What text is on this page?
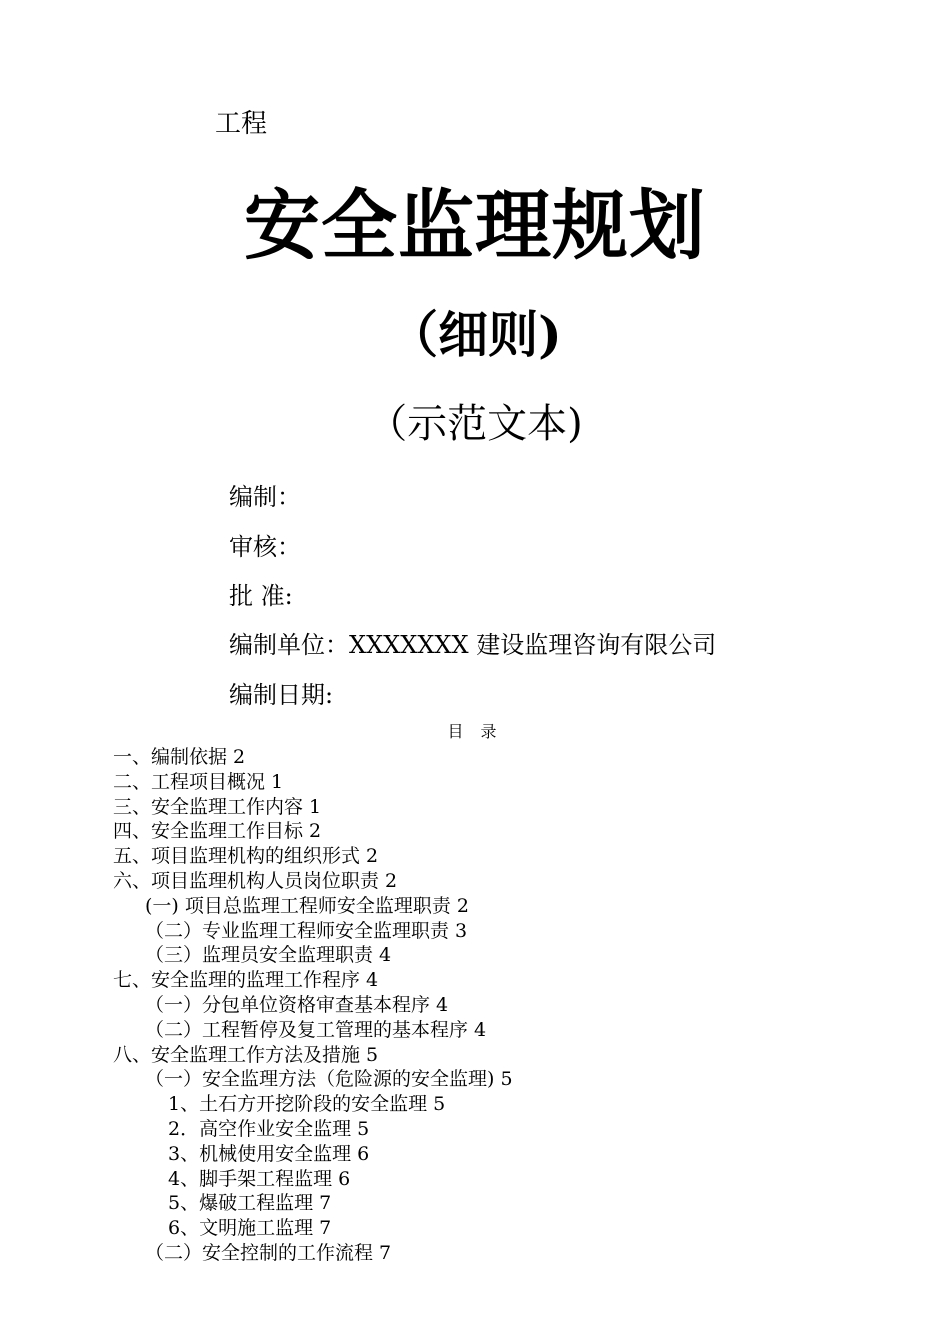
工程
安全监理规划
（细则)
（示范文本)
编制：
审核：
批 准:
编制单位：XXXXXXX 建设监理咨询有限公司
编制日期:
目 录
一、编制依据 2
二、工程项目概况 1
三、安全监理工作内容 1
四、安全监理工作目标 2
五、项目监理机构的组织形式 2
六、项目监理机构人员岗位职责 2
(一) 项目总监理工程师安全监理职责 2
（二）专业监理工程师安全监理职责 3
（三）监理员安全监理职责 4
七、安全监理的监理工作程序 4
（一）分包单位资格审查基本程序 4
（二）工程暂停及复工管理的基本程序 4
八、安全监理工作方法及措施 5
（一）安全监理方法（危险源的安全监理) 5
1、土石方开挖阶段的安全监理 5
2．高空作业安全监理 5
3、机械使用安全监理 6
4、脚手架工程监理 6
5、爆破工程监理 7
6、文明施工监理 7
（二）安全控制的工作流程 7
